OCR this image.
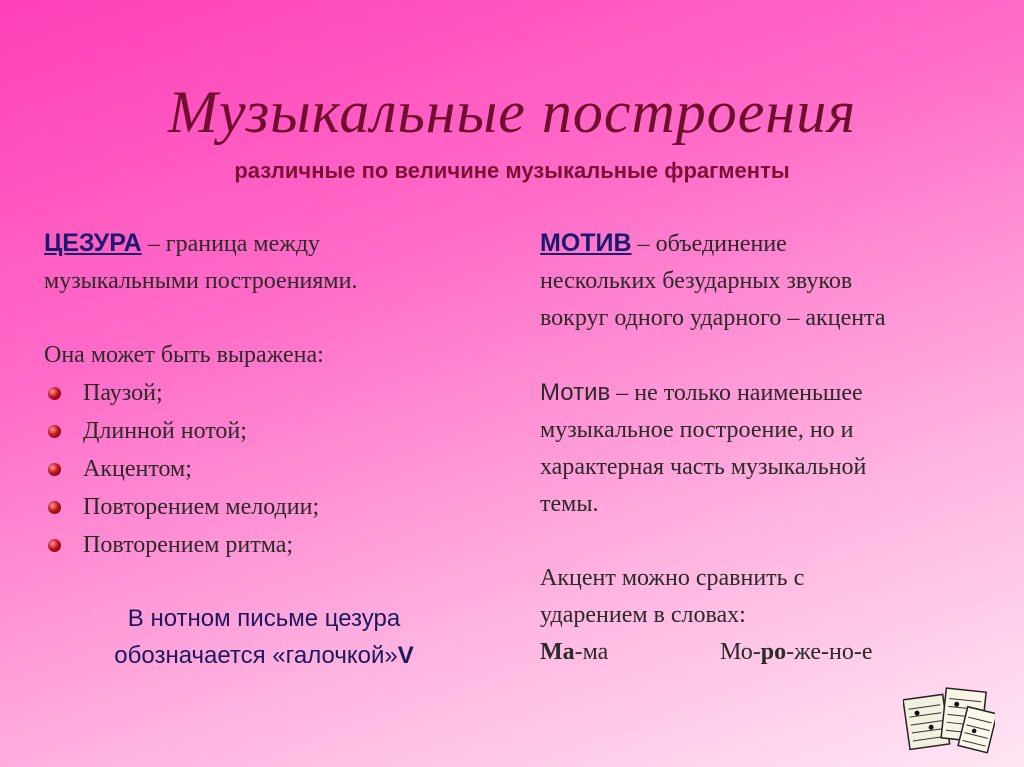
Музыкальные построения
различные по величине музыкальные фрагменты

ЦЕЗУРА – граница между
музыкальными построениями.

Она может быть выражена:

Паузой;
Длинной нотой;
Акцентом;
Повторением мелодии;
Повторением ритма;
В нотном письме цезура
обозначается «галочкой»V

МОТИВ – объединение
нескольких безударных звуков
вокруг одного ударного – акцента

Мотив – не только наименьшее
музыкальное построение, но и
характерная часть музыкальной
темы.

Акцент можно сравнить с
ударением в словах:

Ма-ма	Мо-ро-же-но-е
